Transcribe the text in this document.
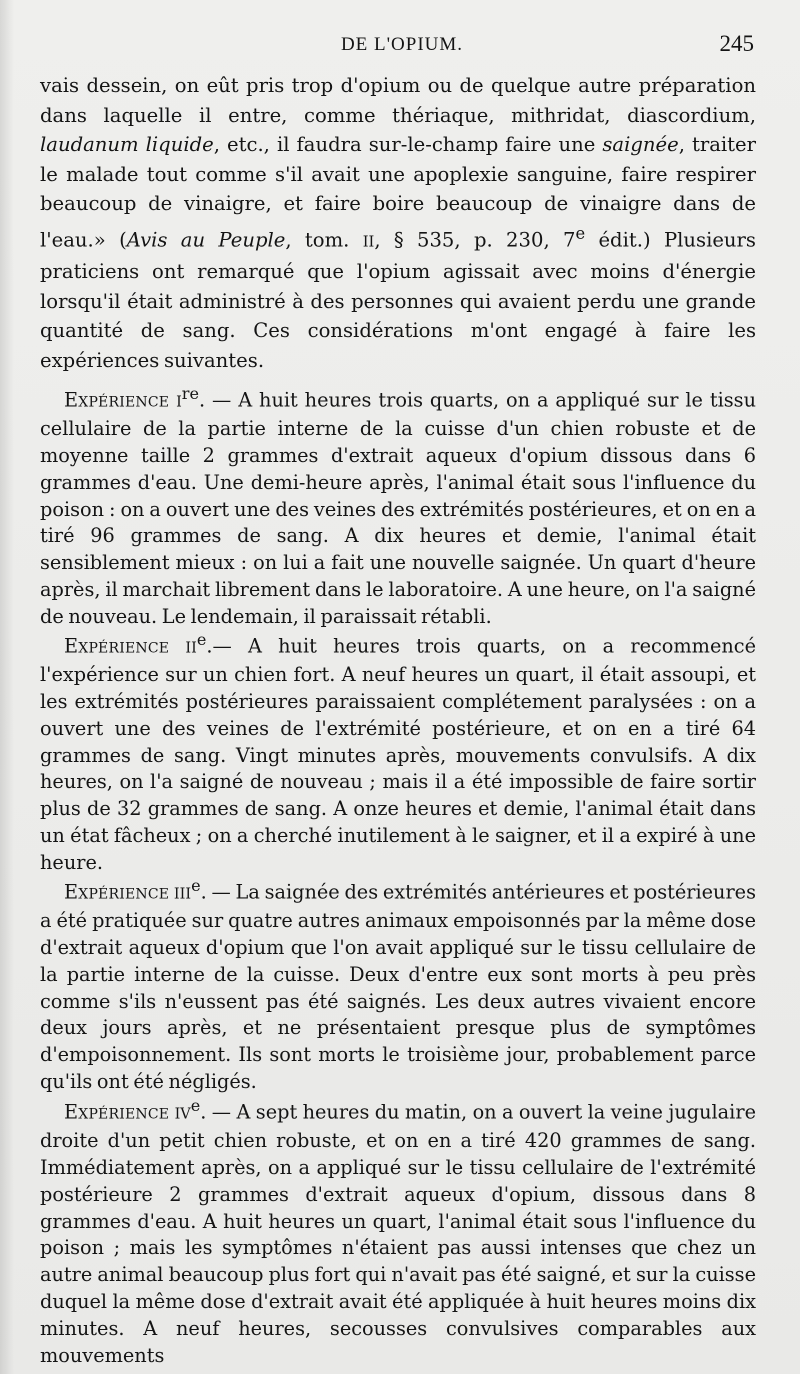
DE L'OPIUM.	245

vais dessein, on eût pris trop d'opium ou de quelque autre préparation dans laquelle il entre, comme thériaque, mithridat, diascordium, laudanum liquide, etc., il faudra sur-le-champ faire une saignée, traiter le malade tout comme s'il avait une apoplexie sanguine, faire respirer beaucoup de vinaigre, et faire boire beaucoup de vinaigre dans de l'eau.» (Avis au Peuple, tom. II, § 535, p. 230, 7e édit.) Plusieurs praticiens ont remarqué que l'opium agissait avec moins d'énergie lorsqu'il était administré à des personnes qui avaient perdu une grande quantité de sang. Ces considérations m'ont engagé à faire les expériences suivantes.

Expérience Ire. — A huit heures trois quarts, on a appliqué sur le tissu cellulaire de la partie interne de la cuisse d'un chien robuste et de moyenne taille 2 grammes d'extrait aqueux d'opium dissous dans 6 grammes d'eau. Une demi-heure après, l'animal était sous l'influence du poison : on a ouvert une des veines des extrémités postérieures, et on en a tiré 96 grammes de sang. A dix heures et demie, l'animal était sensiblement mieux : on lui a fait une nouvelle saignée. Un quart d'heure après, il marchait librement dans le laboratoire. A une heure, on l'a saigné de nouveau. Le lendemain, il paraissait rétabli.

Expérience IIe.— A huit heures trois quarts, on a recommencé l'expérience sur un chien fort. A neuf heures un quart, il était assoupi, et les extrémités postérieures paraissaient complétement paralysées : on a ouvert une des veines de l'extrémité postérieure, et on en a tiré 64 grammes de sang. Vingt minutes après, mouvements convulsifs. A dix heures, on l'a saigné de nouveau ; mais il a été impossible de faire sortir plus de 32 grammes de sang. A onze heures et demie, l'animal était dans un état fâcheux ; on a cherché inutilement à le saigner, et il a expiré à une heure.

Expérience IIIe. — La saignée des extrémités antérieures et postérieures a été pratiquée sur quatre autres animaux empoisonnés par la même dose d'extrait aqueux d'opium que l'on avait appliqué sur le tissu cellulaire de la partie interne de la cuisse. Deux d'entre eux sont morts à peu près comme s'ils n'eussent pas été saignés. Les deux autres vivaient encore deux jours après, et ne présentaient presque plus de symptômes d'empoisonnement. Ils sont morts le troisième jour, probablement parce qu'ils ont été négligés.

Expérience IVe. — A sept heures du matin, on a ouvert la veine jugulaire droite d'un petit chien robuste, et on en a tiré 420 grammes de sang. Immédiatement après, on a appliqué sur le tissu cellulaire de l'extrémité postérieure 2 grammes d'extrait aqueux d'opium, dissous dans 8 grammes d'eau. A huit heures un quart, l'animal était sous l'influence du poison ; mais les symptômes n'étaient pas aussi intenses que chez un autre animal beaucoup plus fort qui n'avait pas été saigné, et sur la cuisse duquel la même dose d'extrait avait été appliquée à huit heures moins dix minutes. A neuf heures, secousses convulsives comparables aux mouvements
